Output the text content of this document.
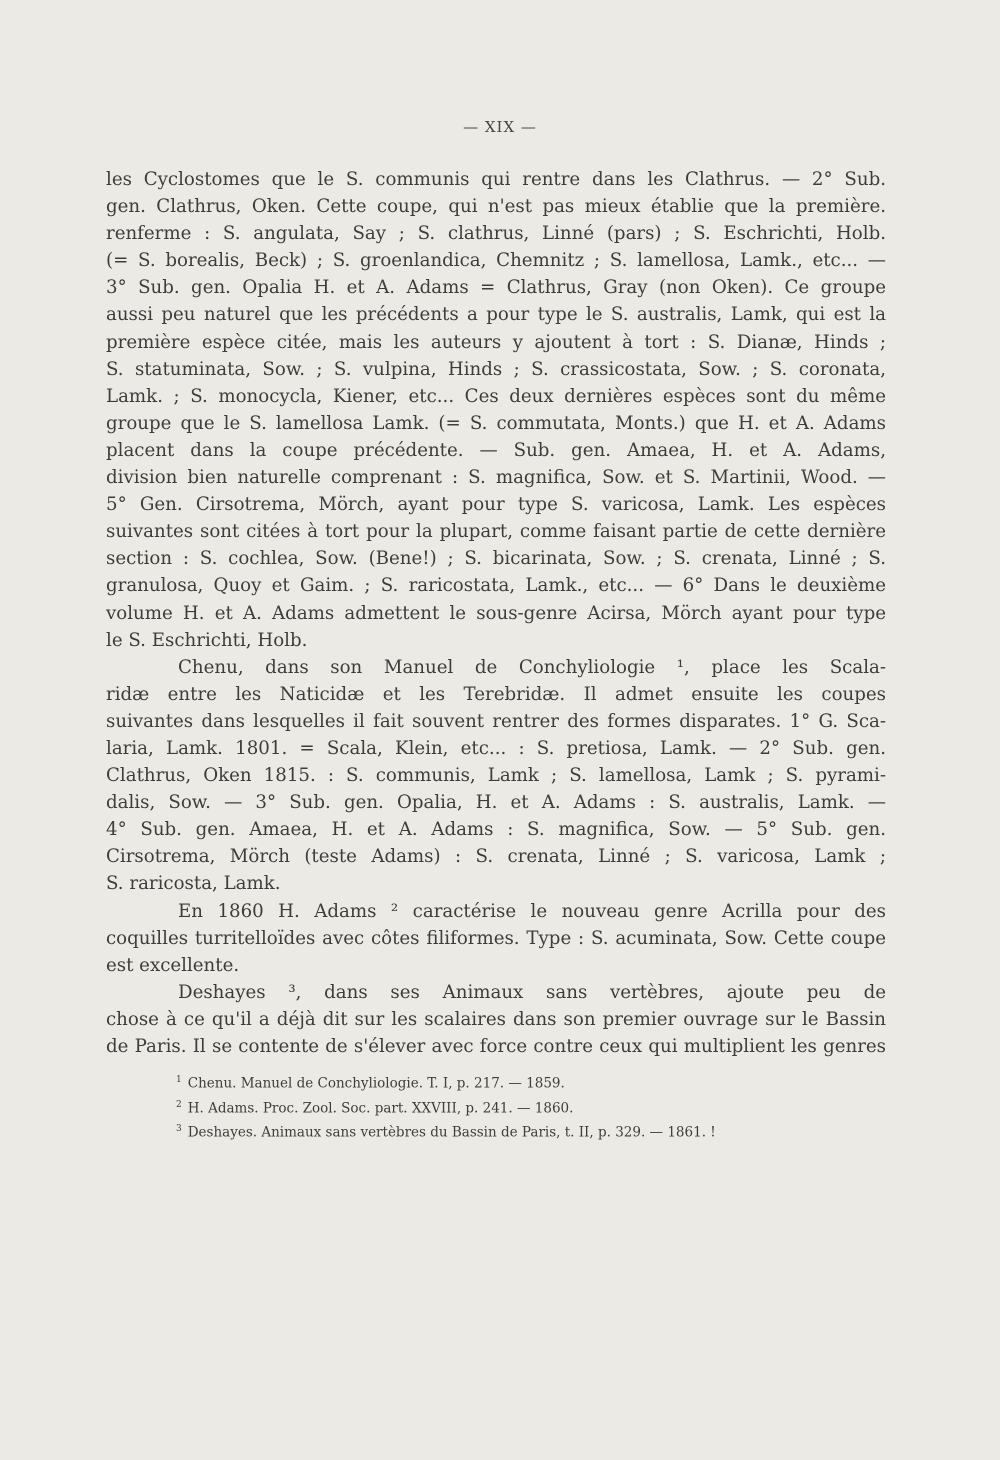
— XIX —
les Cyclostomes que le S. communis qui rentre dans les Clathrus. — 2° Sub.
gen. Clathrus, Oken. Cette coupe, qui n'est pas mieux établie que la première.
renferme : S. angulata, Say ; S. clathrus, Linné (pars) ; S. Eschrichti, Holb.
(= S. borealis, Beck) ; S. groenlandica, Chemnitz ; S. lamellosa, Lamk., etc... —
3° Sub. gen. Opalia H. et A. Adams = Clathrus, Gray (non Oken). Ce groupe
aussi peu naturel que les précédents a pour type le S. australis, Lamk, qui est la
première espèce citée, mais les auteurs y ajoutent à tort : S. Dianæ, Hinds ;
S. statuminata, Sow. ; S. vulpina, Hinds ; S. crassicostata, Sow. ; S. coronata,
Lamk. ; S. monocycla, Kiener, etc... Ces deux dernières espèces sont du même
groupe que le S. lamellosa Lamk. (= S. commutata, Monts.) que H. et A. Adams
placent dans la coupe précédente. — Sub. gen. Amaea, H. et A. Adams,
division bien naturelle comprenant : S. magnifica, Sow. et S. Martinii, Wood. —
5° Gen. Cirsotrema, Mörch, ayant pour type S. varicosa, Lamk. Les espèces
suivantes sont citées à tort pour la plupart, comme faisant partie de cette dernière
section : S. cochlea, Sow. (Bene!) ; S. bicarinata, Sow. ; S. crenata, Linné ; S.
granulosa, Quoy et Gaim. ; S. raricostata, Lamk., etc... — 6° Dans le deuxième
volume H. et A. Adams admettent le sous-genre Acirsa, Mörch ayant pour type
le S. Eschrichti, Holb.
Chenu, dans son Manuel de Conchyliologie ¹, place les Scala-
ridæ entre les Naticidæ et les Terebridæ. Il admet ensuite les coupes
suivantes dans lesquelles il fait souvent rentrer des formes disparates. 1° G. Sca-
laria, Lamk. 1801. = Scala, Klein, etc... : S. pretiosa, Lamk. — 2° Sub. gen.
Clathrus, Oken 1815. : S. communis, Lamk ; S. lamellosa, Lamk ; S. pyrami-
dalis, Sow. — 3° Sub. gen. Opalia, H. et A. Adams : S. australis, Lamk. —
4° Sub. gen. Amaea, H. et A. Adams : S. magnifica, Sow. — 5° Sub. gen.
Cirsotrema, Mörch (teste Adams) : S. crenata, Linné ; S. varicosa, Lamk ;
S. raricosta, Lamk.
En 1860 H. Adams ² caractérise le nouveau genre Acrilla pour des
coquilles turritelloïdes avec côtes filiformes. Type : S. acuminata, Sow. Cette coupe
est excellente.
Deshayes ³, dans ses Animaux sans vertèbres, ajoute peu de
chose à ce qu'il a déjà dit sur les scalaires dans son premier ouvrage sur le Bassin
de Paris. Il se contente de s'élever avec force contre ceux qui multiplient les genres
$^1$ Chenu. Manuel de Conchyliologie. T. I, p. 217. — 1859.
$^2$ H. Adams. Proc. Zool. Soc. part. XXVIII, p. 241. — 1860.
$^3$ Deshayes. Animaux sans vertèbres du Bassin de Paris, t. II, p. 329. — 1861. !
